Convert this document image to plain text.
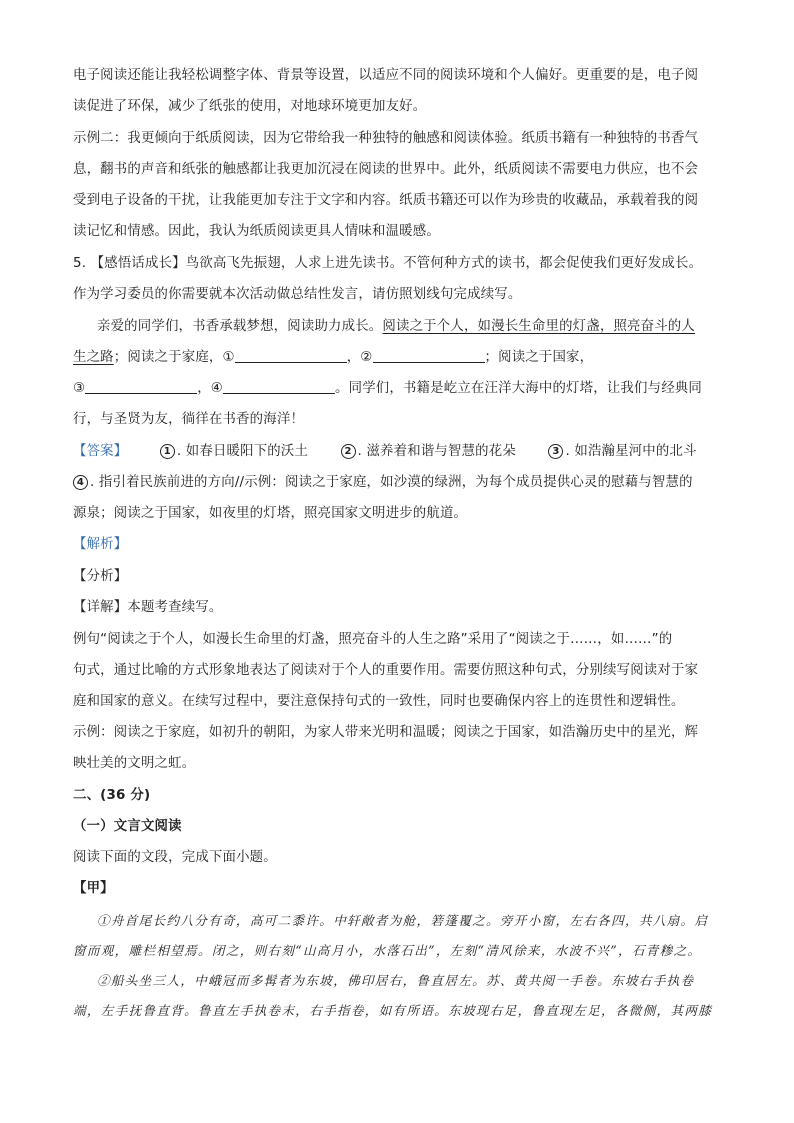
电子阅读还能让我轻松调整字体、背景等设置，以适应不同的阅读环境和个人偏好。更重要的是，电子阅
读促进了环保，减少了纸张的使用，对地球环境更加友好。
示例二：我更倾向于纸质阅读，因为它带给我一种独特的触感和阅读体验。纸质书籍有一种独特的书香气
息，翻书的声音和纸张的触感都让我更加沉浸在阅读的世界中。此外，纸质阅读不需要电力供应，也不会
受到电子设备的干扰，让我能更加专注于文字和内容。纸质书籍还可以作为珍贵的收藏品，承载着我的阅
读记忆和情感。因此，我认为纸质阅读更具人情味和温暖感。
5. 【感悟话成长】鸟欲高飞先振翅，人求上进先读书。不管何种方式的读书，都会促使我们更好发成长。
作为学习委员的你需要就本次活动做总结性发言，请仿照划线句完成续写。
亲爱的同学们，书香承载梦想，阅读助力成长。阅读之于个人，如漫长生命里的灯盏，照亮奋斗的人
生之路；阅读之于家庭，①	，②	；阅读之于国家，
③	，④	。同学们，书籍是屹立在汪洋大海中的灯塔，让我们与经典同
行，与圣贤为友，徜徉在书香的海洋！
【答案】	1 . 如春日暖阳下的沃土	2 . 滋养着和谐与智慧的花朵	3 . 如浩瀚星河中的北斗
4 . 指引着民族前进的方向//示例：阅读之于家庭，如沙漠的绿洲，为每个成员提供心灵的慰藉与智慧的
源泉；阅读之于国家，如夜里的灯塔，照亮国家文明进步的航道。
【解析】
【分析】
【详解】本题考查续写。
例句“阅读之于个人，如漫长生命里的灯盏，照亮奋斗的人生之路”采用了“阅读之于……，如……”的
句式，通过比喻的方式形象地表达了阅读对于个人的重要作用。需要仿照这种句式，分别续写阅读对于家
庭和国家的意义。在续写过程中，要注意保持句式的一致性，同时也要确保内容上的连贯性和逻辑性。
示例：阅读之于家庭，如初升的朝阳，为家人带来光明和温暖；阅读之于国家，如浩瀚历史中的星光，辉
映壮美的文明之虹。
二、(36 分)
（一）文言文阅读
阅读下面的文段，完成下面小题。
【甲】
①舟首尾长约八分有奇，高可二黍许。中轩敞者为舱，箬篷覆之。旁开小窗，左右各四，共八扇。启
窗而观，雕栏相望焉。闭之，则右刻“山高月小，水落石出”，左刻“清风徐来，水波不兴”，石青糁之。
②船头坐三人，中峨冠而多髯者为东坡，佛印居右，鲁直居左。苏、黄共阅一手卷。东坡右手执卷
端，左手抚鲁直背。鲁直左手执卷末，右手指卷，如有所语。东坡现右足，鲁直现左足，各微侧，其两膝
